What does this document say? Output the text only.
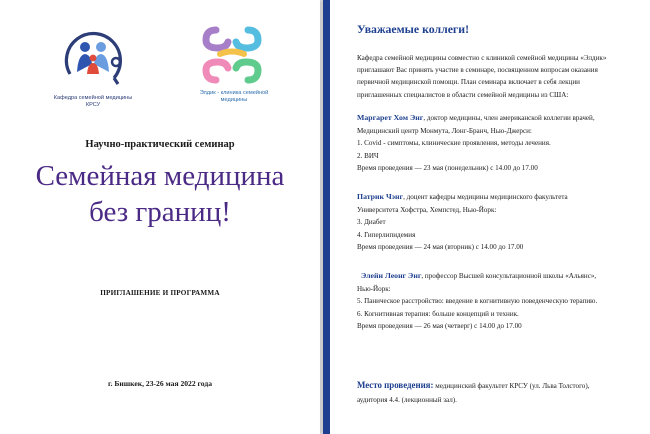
Кафедра семейной медицины
КРСУ
Элдик - клиника семейной
медицины
Научно-практический семинар
Семейная медицина
без границ!
ПРИГЛАШЕНИЕ И ПРОГРАММА
г. Бишкек, 23-26 мая 2022 года
Уважаемые коллеги!
Кафедра семейной медицины совместно с клиникой семейной медицины «Элдик»
приглашают Вас принять участие в семинаре, посвященном вопросам оказания
первичной медицинской помощи. План семинара включает в себя лекции
приглашенных специалистов в области семейной медицины из США:
Маргарет Хом Энг, доктор медицины, член американской коллегии врачей,
Медицинский центр Монмута, Лонг-Бранч, Нью-Джерси:
1. Covid - симптомы, клинические проявления, методы лечения.
2. ВИЧ
Время проведения — 23 мая (понедельник) с 14.00 до 17.00
Патрик Чэнг, доцент кафедры медицины медицинского факультета
Университета Хофстра, Хемпстед, Нью-Йорк:
3. Диабет
4. Гиперлипидемия
Время проведения — 24 мая (вторник) с 14.00 до 17.00
Элейн Леонг Энг, профессор Высшей консультационной школы «Альянс»,
Нью-Йорк:
5. Паническое расстройство: введение в когнитивную поведенческую терапию.
6. Когнитивная терапия: больше концепций и техник.
Время проведения — 26 мая (четверг) с 14.00 до 17.00
Место проведения: медицинский факультет КРСУ (ул. Льва Толстого),
аудитория 4.4. (лекционный зал).
